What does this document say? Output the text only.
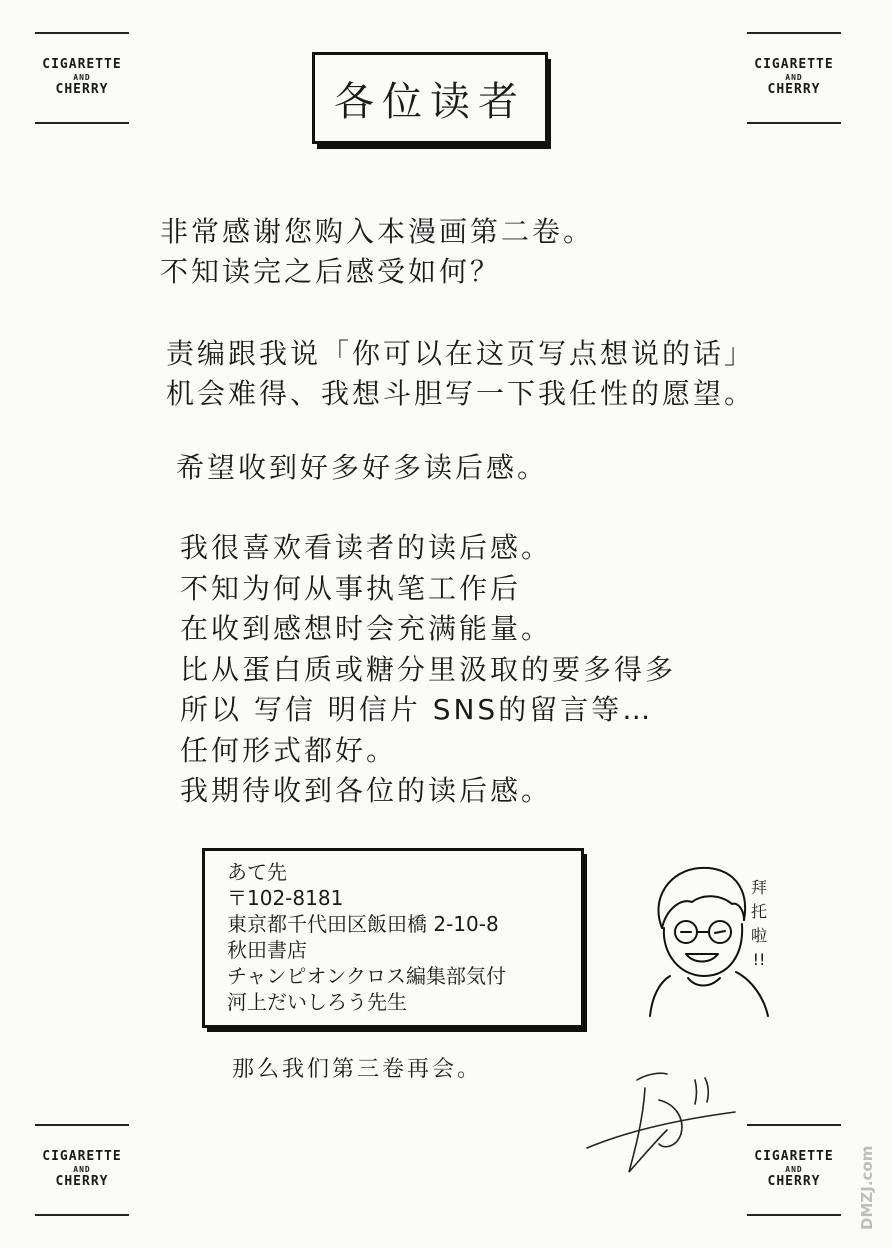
CIGARETTE
AND
CHERRY
CIGARETTE
AND
CHERRY
CIGARETTE
AND
CHERRY
CIGARETTE
AND
CHERRY
各位读者
非常感谢您购入本漫画第二卷。
不知读完之后感受如何？
责编跟我说「你可以在这页写点想说的话」
机会难得、我想斗胆写一下我任性的愿望。
希望收到好多好多读后感。
我很喜欢看读者的读后感。
不知为何从事执笔工作后
在收到感想时会充满能量。
比从蛋白质或糖分里汲取的要多得多
所以 写信 明信片 SNS的留言等…
任何形式都好。
我期待收到各位的读后感。
あて先
〒102-8181
東京都千代田区飯田橋 2-10-8
秋田書店
チャンピオンクロス編集部気付
河上だいしろう先生
拜
托
啦
!!
那么我们第三卷再会。
DMZJ.com
